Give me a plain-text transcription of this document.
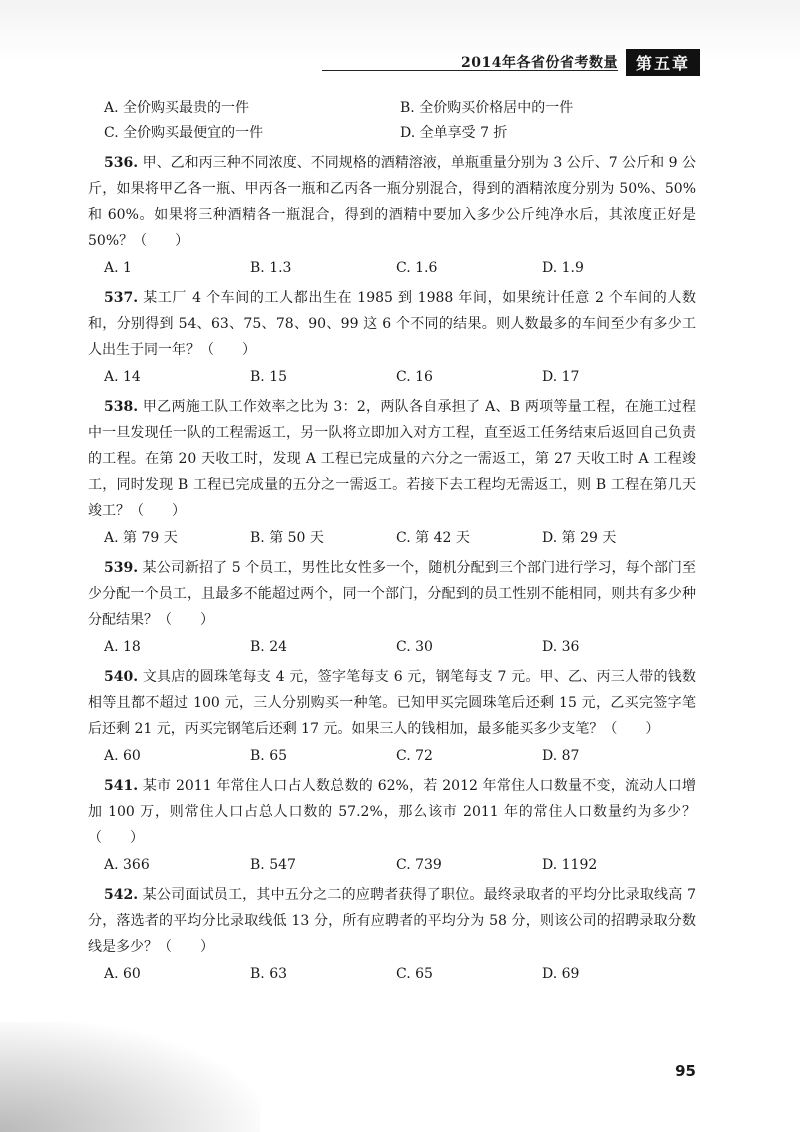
2014年各省份省考数量	第五章
A. 全价购买最贵的一件	B. 全价购买价格居中的一件
C. 全价购买最便宜的一件	D. 全单享受 7 折
536. 甲、乙和丙三种不同浓度、不同规格的酒精溶液，单瓶重量分别为 3 公斤、7 公斤和 9 公斤，如果将甲乙各一瓶、甲丙各一瓶和乙丙各一瓶分别混合，得到的酒精浓度分别为 50%、50%和 60%。如果将三种酒精各一瓶混合，得到的酒精中要加入多少公斤纯净水后，其浓度正好是 50%？（　　）
A. 1	B. 1.3	C. 1.6	D. 1.9
537. 某工厂 4 个车间的工人都出生在 1985 到 1988 年间，如果统计任意 2 个车间的人数和，分别得到 54、63、75、78、90、99 这 6 个不同的结果。则人数最多的车间至少有多少工人出生于同一年？（　　）
A. 14	B. 15	C. 16	D. 17
538. 甲乙两施工队工作效率之比为 3：2，两队各自承担了 A、B 两项等量工程，在施工过程中一旦发现任一队的工程需返工，另一队将立即加入对方工程，直至返工任务结束后返回自己负责的工程。在第 20 天收工时，发现 A 工程已完成量的六分之一需返工，第 27 天收工时 A 工程竣工，同时发现 B 工程已完成量的五分之一需返工。若接下去工程均无需返工，则 B 工程在第几天竣工？（　　）
A. 第 79 天	B. 第 50 天	C. 第 42 天	D. 第 29 天
539. 某公司新招了 5 个员工，男性比女性多一个，随机分配到三个部门进行学习，每个部门至少分配一个员工，且最多不能超过两个，同一个部门，分配到的员工性别不能相同，则共有多少种分配结果？（　　）
A. 18	B. 24	C. 30	D. 36
540. 文具店的圆珠笔每支 4 元，签字笔每支 6 元，钢笔每支 7 元。甲、乙、丙三人带的钱数相等且都不超过 100 元，三人分别购买一种笔。已知甲买完圆珠笔后还剩 15 元，乙买完签字笔后还剩 21 元，丙买完钢笔后还剩 17 元。如果三人的钱相加，最多能买多少支笔？（　　）
A. 60	B. 65	C. 72	D. 87
541. 某市 2011 年常住人口占人数总数的 62%，若 2012 年常住人口数量不变，流动人口增加 100 万，则常住人口占总人口数的 57.2%，那么该市 2011 年的常住人口数量约为多少？（　　）
A. 366	B. 547	C. 739	D. 1192
542. 某公司面试员工，其中五分之二的应聘者获得了职位。最终录取者的平均分比录取线高 7 分，落选者的平均分比录取线低 13 分，所有应聘者的平均分为 58 分，则该公司的招聘录取分数线是多少？（　　）
A. 60	B. 63	C. 65	D. 69
95
